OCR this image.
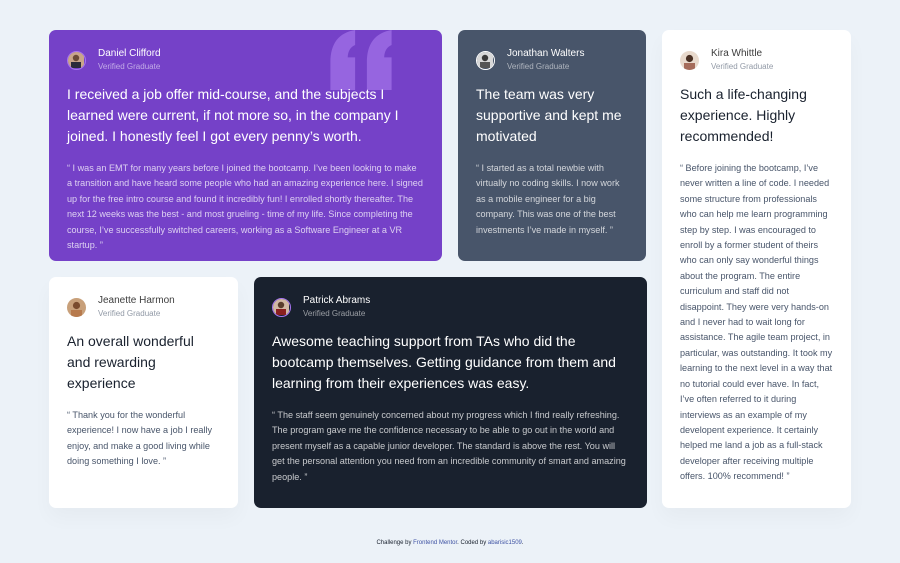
Daniel Clifford
Verified Graduate
I received a job offer mid-course, and the subjects I learned were current, if not more so, in the company I joined. I honestly feel I got every penny’s worth.
“ I was an EMT for many years before I joined the bootcamp. I’ve been looking to make a transition and have heard some people who had an amazing experience here. I signed up for the free intro course and found it incredibly fun! I enrolled shortly thereafter. The next 12 weeks was the best - and most grueling - time of my life. Since completing the course, I’ve successfully switched careers, working as a Software Engineer at a VR startup. ”
Jonathan Walters
Verified Graduate
The team was very supportive and kept me motivated
“ I started as a total newbie with virtually no coding skills. I now work as a mobile engineer for a big company. This was one of the best investments I’ve made in myself. ”
Kira Whittle
Verified Graduate
Such a life-changing experience. Highly recommended!
“ Before joining the bootcamp, I’ve never written a line of code. I needed some structure from professionals who can help me learn programming step by step. I was encouraged to enroll by a former student of theirs who can only say wonderful things about the program. The entire curriculum and staff did not disappoint. They were very hands-on and I never had to wait long for assistance. The agile team project, in particular, was outstanding. It took my learning to the next level in a way that no tutorial could ever have. In fact, I’ve often referred to it during interviews as an example of my developent experience. It certainly helped me land a job as a full-stack developer after receiving multiple offers. 100% recommend! ”
Jeanette Harmon
Verified Graduate
An overall wonderful and rewarding experience
“ Thank you for the wonderful experience! I now have a job I really enjoy, and make a good living while doing something I love. ”
Patrick Abrams
Verified Graduate
Awesome teaching support from TAs who did the bootcamp themselves. Getting guidance from them and learning from their experiences was easy.
“ The staff seem genuinely concerned about my progress which I find really refreshing. The program gave me the confidence necessary to be able to go out in the world and present myself as a capable junior developer. The standard is above the rest. You will get the personal attention you need from an incredible community of smart and amazing people. ”
Challenge by Frontend Mentor. Coded by abarisic1509.
